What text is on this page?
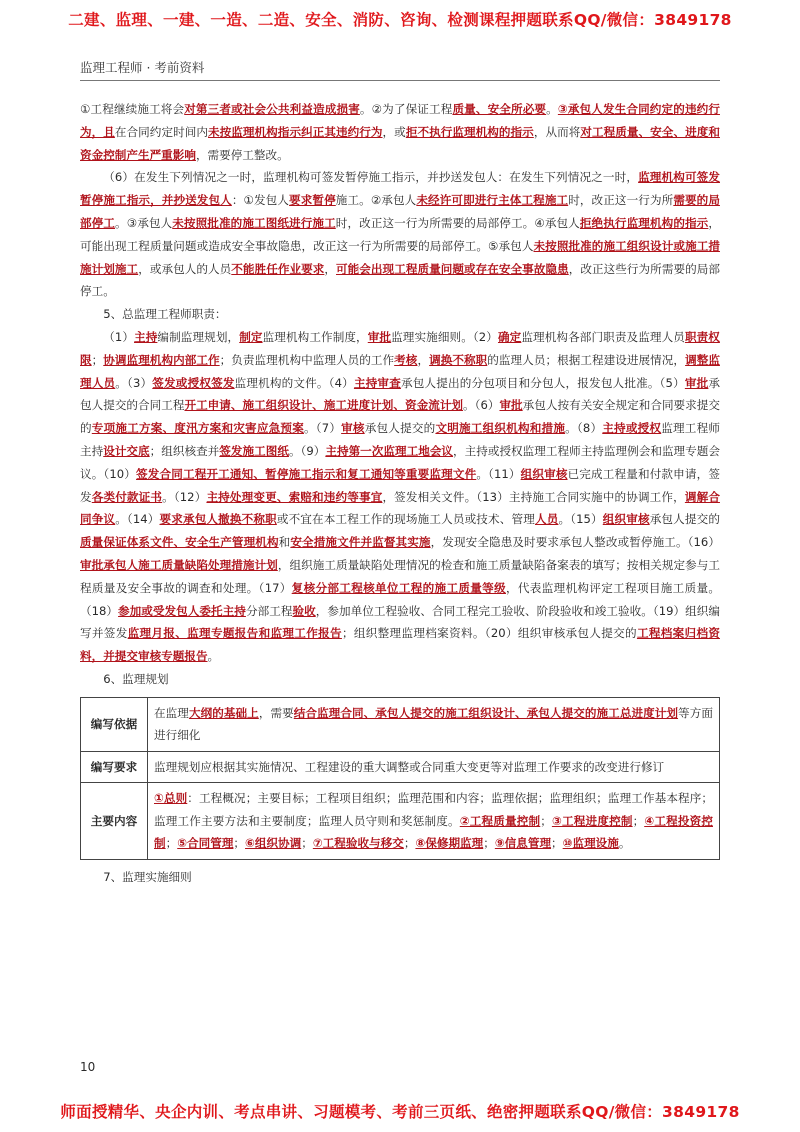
二建、监理、一建、一造、二造、安全、消防、咨询、检测课程押题联系QQ/微信：3849178
监理工程师 · 考前资料

①工程继续施工将会对第三者或社会公共利益造成损害。②为了保证工程质量、安全所必要。③承包人发生合同约定的违约行为，且在合同约定时间内未按监理机构指示纠正其违约行为，或拒不执行监理机构的指示，从而将对工程质量、安全、进度和资金控制产生严重影响，需要停工整改。

（6）在发生下列情况之一时，监理机构可签发暂停施工指示，并抄送发包人：在发生下列情况之一时，监理机构可签发暂停施工指示，并抄送发包人：①发包人要求暂停施工。②承包人未经许可即进行主体工程施工时，改正这一行为所需要的局部停工。③承包人未按照批准的施工图纸进行施工时，改正这一行为所需要的局部停工。④承包人拒绝执行监理机构的指示，可能出现工程质量问题或造成安全事故隐患，改正这一行为所需要的局部停工。⑤承包人未按照批准的施工组织设计或施工措施计划施工，或承包人的人员不能胜任作业要求，可能会出现工程质量问题或存在安全事故隐患，改正这些行为所需要的局部停工。

5、总监理工程师职责：

（1）主持编制监理规划，制定监理机构工作制度，审批监理实施细则。（2）确定监理机构各部门职责及监理人员职责权限；协调监理机构内部工作；负责监理机构中监理人员的工作考核，调换不称职的监理人员；根据工程建设进展情况，调整监理人员。（3）签发或授权签发监理机构的文件。（4）主持审查承包人提出的分包项目和分包人，报发包人批准。（5）审批承包人提交的合同工程开工申请、施工组织设计、施工进度计划、资金流计划。（6）审批承包人按有关安全规定和合同要求提交的专项施工方案、度汛方案和灾害应急预案。（7）审核承包人提交的文明施工组织机构和措施。（8）主持或授权监理工程师主持设计交底；组织核查并签发施工图纸。（9）主持第一次监理工地会议，主持或授权监理工程师主持监理例会和监理专题会议。（10）签发合同工程开工通知、暂停施工指示和复工通知等重要监理文件。（11）组织审核已完成工程量和付款申请，签发各类付款证书。（12）主持处理变更、索赔和违约等事宜，签发相关文件。（13）主持施工合同实施中的协调工作，调解合同争议。（14）要求承包人撤换不称职或不宜在本工程工作的现场施工人员或技术、管理人员。（15）组织审核承包人提交的质量保证体系文件、安全生产管理机构和安全措施文件并监督其实施，发现安全隐患及时要求承包人整改或暂停施工。（16）审批承包人施工质量缺陷处理措施计划，组织施工质量缺陷处理情况的检查和施工质量缺陷备案表的填写；按相关规定参与工程质量及安全事故的调查和处理。（17）复核分部工程核单位工程的施工质量等级，代表监理机构评定工程项目施工质量。（18）参加或受发包人委托主持分部工程验收，参加单位工程验收、合同工程完工验收、阶段验收和竣工验收。（19）组织编写并签发监理月报、监理专题报告和监理工作报告；组织整理监理档案资料。（20）组织审核承包人提交的工程档案归档资料，并提交审核专题报告。

6、监理规划

编写依据	在监理大纲的基础上，需要结合监理合同、承包人提交的施工组织设计、承包人提交的施工总进度计划等方面进行细化
编写要求	监理规划应根据其实施情况、工程建设的重大调整或合同重大变更等对监理工作要求的改变进行修订
主要内容	①总则：工程概况；主要目标；工程项目组织；监理范围和内容；监理依据；监理组织；监理工作基本程序；监理工作主要方法和主要制度；监理人员守则和奖惩制度。②工程质量控制；③工程进度控制；④工程投资控制；⑤合同管理；⑥组织协调；⑦工程验收与移交；⑧保修期监理；⑨信息管理；⑩监理设施。

7、监理实施细则

10
师面授精华、央企内训、考点串讲、习题模考、考前三页纸、绝密押题联系QQ/微信：3849178
